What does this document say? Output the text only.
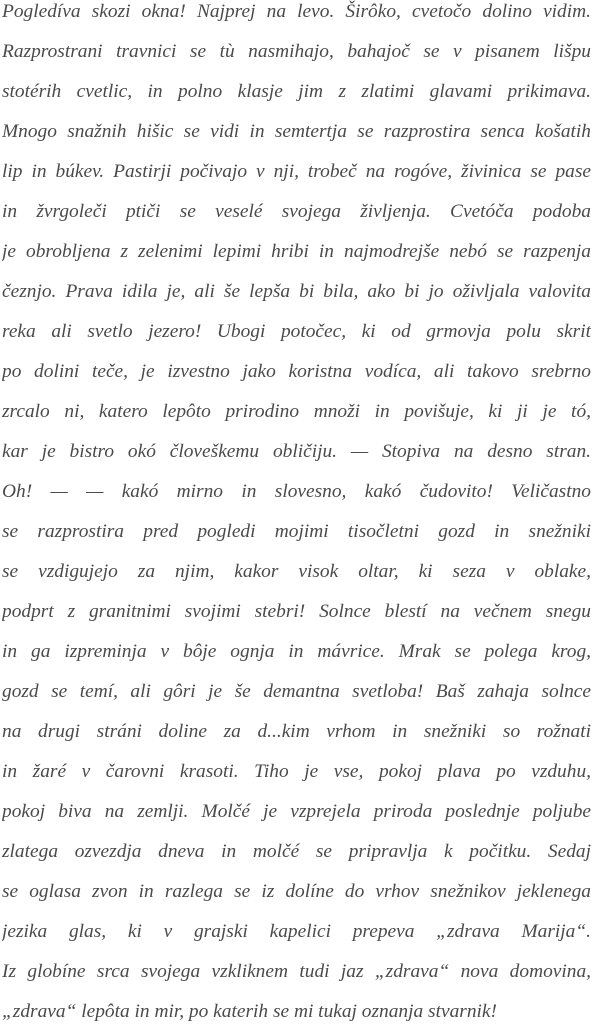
Pogledíva skozi okna! Najprej na levo. Širôko, cvetočo dolino vidim.
Razprostrani travnici se tù nasmihajo, bahajoč se v pisanem lišpu
stotérih cvetlic, in polno klasje jim z zlatimi glavami prikimava.
Mnogo snažnih hišic se vidi in semtertja se razprostira senca košatih
lip in búkev. Pastirji počivajo v nji, trobeč na rogóve, živinica se pase
in žvrgoleči ptiči se veselé svojega življenja. Cvetóča podoba
je obrobljena z zelenimi lepimi hribi in najmodrejše nebó se razpenja
čeznjo. Prava idila je, ali še lepša bi bila, ako bi jo oživljala valovita
reka ali svetlo jezero! Ubogi potočec, ki od grmovja polu skrit
po dolini teče, je izvestno jako koristna vodíca, ali takovo srebrno
zrcalo ni, katero lepôto prirodino množi in povišuje, ki ji je tó,
kar je bistro okó človeškemu obličiju. — Stopiva na desno stran.
Oh! — — kakó mirno in slovesno, kakó čudovito! Veličastno
se razprostira pred pogledi mojimi tisočletni gozd in snežniki
se vzdigujejo za njim, kakor visok oltar, ki seza v oblake,
podprt z granitnimi svojimi stebri! Solnce blestí na večnem snegu
in ga izpreminja v bôje ognja in mávrice. Mrak se polega krog,
gozd se temí, ali gôri je še demantna svetloba! Baš zahaja solnce
na drugi stráni doline za d...kim vrhom in snežniki so rožnati
in žaré v čarovni krasoti. Tiho je vse, pokoj plava po vzduhu,
pokoj biva na zemlji. Molčé je vzprejela priroda poslednje poljube
zlatega ozvezdja dneva in molčé se pripravlja k počitku. Sedaj
se oglasa zvon in razlega se iz dolíne do vrhov snežnikov jeklenega
jezika glas, ki v grajski kapelici prepeva „zdrava Marija“.
Iz globíne srca svojega vzkliknem tudi jaz „zdrava“ nova domovina,
„zdrava“ lepôta in mir, po katerih se mi tukaj oznanja stvarnik!
